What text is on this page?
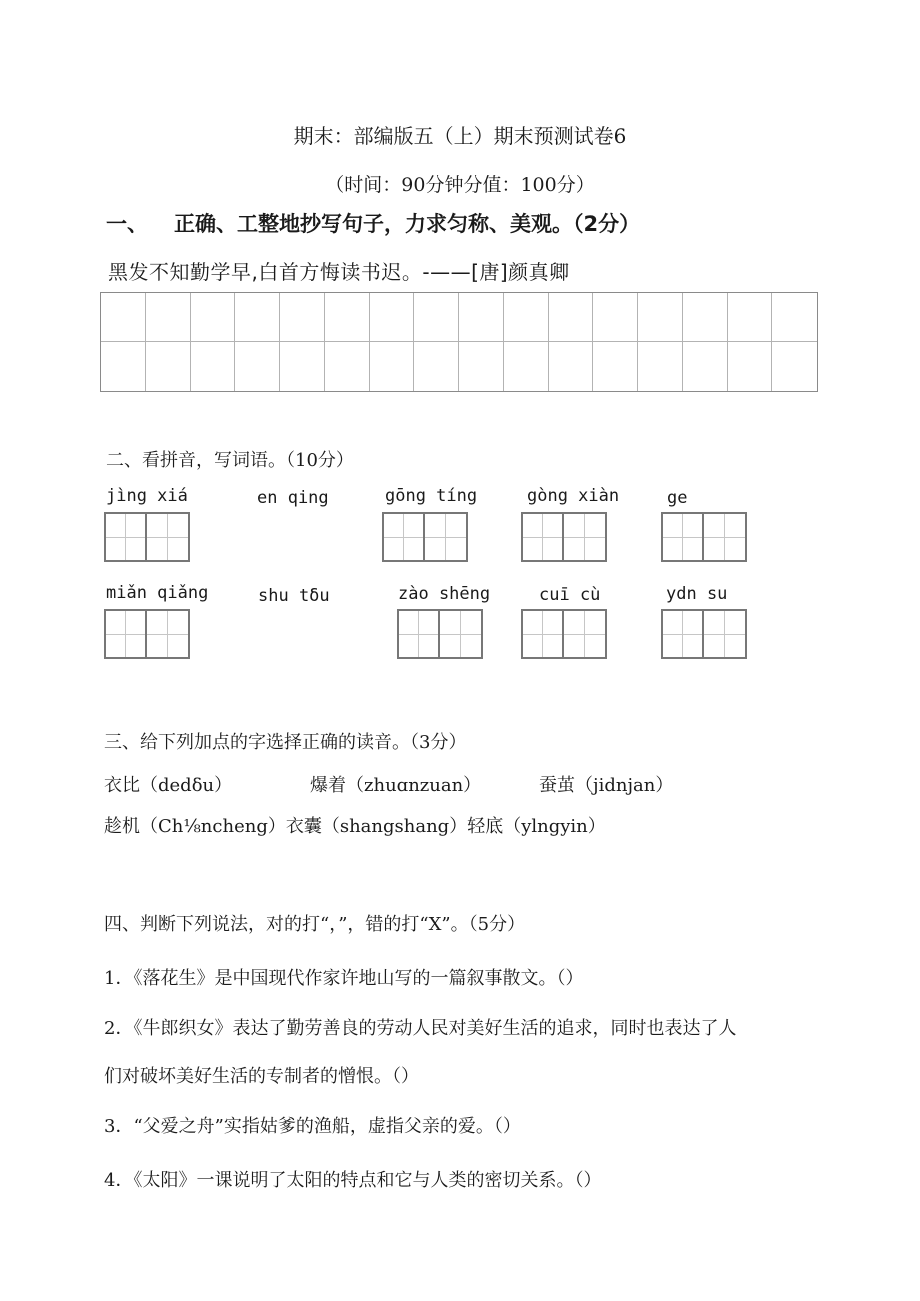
期末：部编版五（上）期末预测试卷6
（时间：90分钟分值：100分）
一、 正确、工整地抄写句子，力求匀称、美观。（2分）
黑发不知勤学早,白首方悔读书迟。-——[唐]颜真卿
二、看拼音，写词语。（10分）
jìng xiá	en qing	gōng tíng	gòng xiàn	ge
miǎn qiǎng	shu tδu	zào shēng	cuī cù	ydn su
三、给下列加点的字选择正确的读音。（3分）
衣比（dedδu）	爆着（zhuɑnzuan）	蚕茧（jidnjan）
趁机（Ch⅛ncheng）衣囊（shangshang）轻底（ylngyin）
四、判断下列说法，对的打“，”，错的打“X”。（5分）
1．《落花生》是中国现代作家许地山写的一篇叙事散文。（）
2．《牛郎织女》表达了勤劳善良的劳动人民对美好生活的追求，同时也表达了人
们对破坏美好生活的专制者的憎恨。（）
3．“父爱之舟”实指姑爹的渔船，虚指父亲的爱。（）
4．《太阳》一课说明了太阳的特点和它与人类的密切关系。（）
